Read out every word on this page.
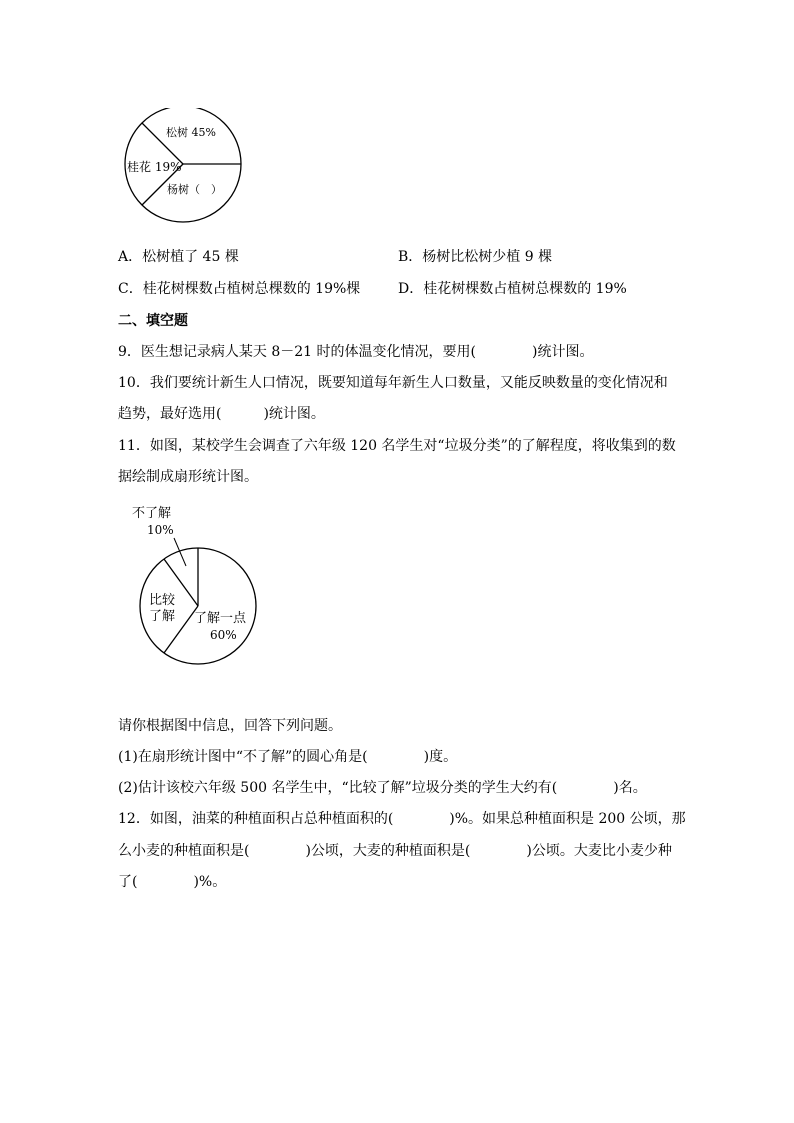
松树 45%
桂花 19%
杨树（　）
A．松树植了 45 棵	B．杨树比松树少植 9 棵
C．桂花树棵数占植树总棵数的 19%棵	D．桂花树棵数占植树总棵数的 19%
二、填空题
9．医生想记录病人某天 8－21 时的体温变化情况，要用(　　　　)统计图。
10．我们要统计新生人口情况，既要知道每年新生人口数量，又能反映数量的变化情况和
趋势，最好选用(　　　)统计图。
11．如图，某校学生会调查了六年级 120 名学生对“垃圾分类”的了解程度，将收集到的数
据绘制成扇形统计图。
不了解
10%
比较
了解 了解一点
60%
请你根据图中信息，回答下列问题。
(1)在扇形统计图中“不了解”的圆心角是(　　　　)度。
(2)估计该校六年级 500 名学生中，“比较了解”垃圾分类的学生大约有(　　　　)名。
12．如图，油菜的种植面积占总种植面积的(　　　　)%。如果总种植面积是 200 公顷，那
么小麦的种植面积是(　　　　)公顷，大麦的种植面积是(　　　　)公顷。大麦比小麦少种
了(　　　　)%。
